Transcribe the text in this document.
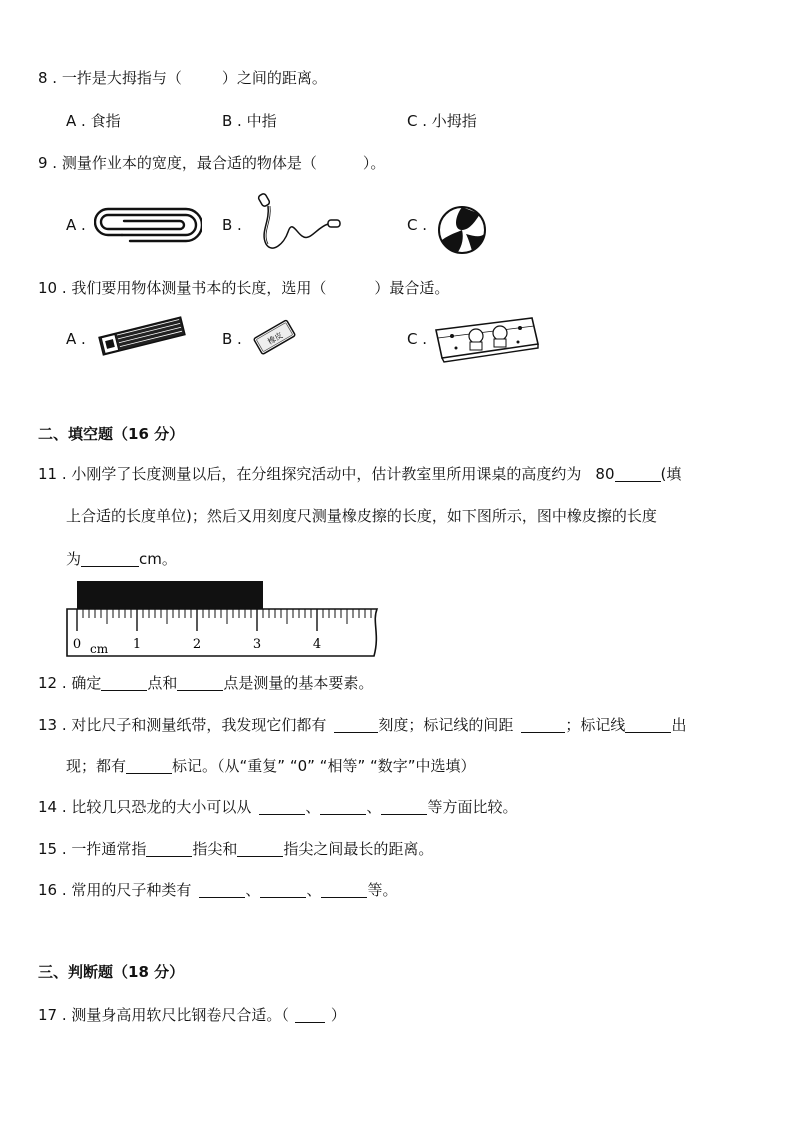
8 . 一拃是大拇指与（	）之间的距离。
A . 食指	B . 中指	C . 小拇指
9 . 测量作业本的宽度，最合适的物体是（	）。
A .	B .	C .
10 . 我们要用物体测量书本的长度，选用（	）最合适。
A .	B .	C .
橡皮
二、填空题（16 分）
11 . 小刚学了长度测量以后，在分组探究活动中，估计教室里所用课桌的高度约为 80	(填
上合适的长度单位)；然后又用刻度尺测量橡皮擦的长度，如下图所示，图中橡皮擦的长度
为	cm。
0	1	2	3	4
cm
12 . 确定	点和	点是测量的基本要素。
13 . 对比尺子和测量纸带，我发现它们都有	刻度；标记线的间距	；标记线	出
现；都有	标记。（从“重复” “0” “相等” “数字”中选填）
14 . 比较几只恐龙的大小可以从	、	、	等方面比较。
15 . 一拃通常指	指尖和	指尖之间最长的距离。
16 . 常用的尺子种类有	、	、	等。
三、判断题（18 分）
17 . 测量身高用软尺比钢卷尺合适。（	）
